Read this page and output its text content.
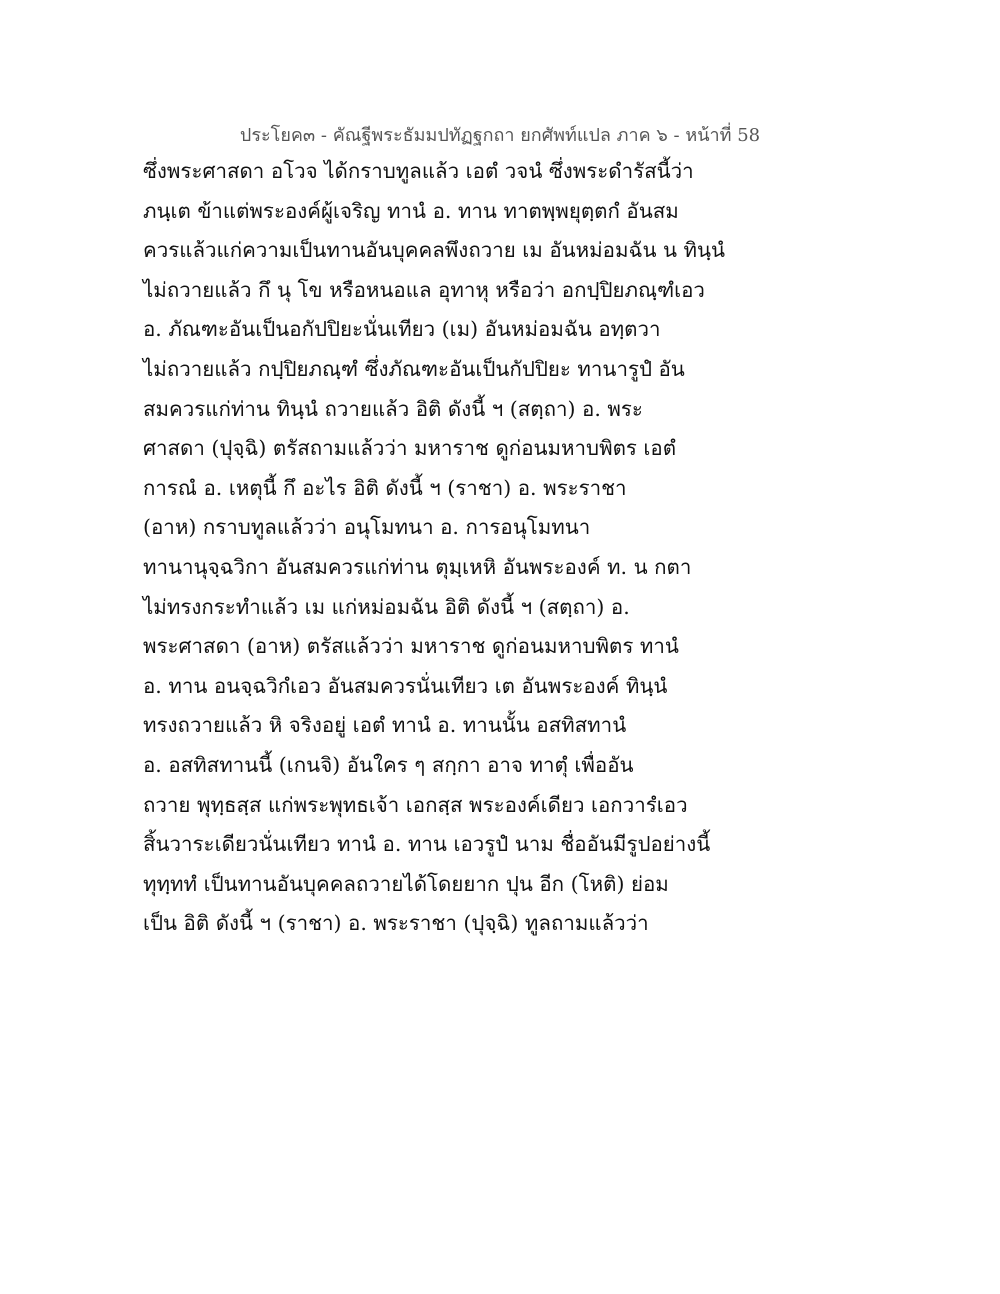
ประโยค๓ - คัณฐีพระธัมมปทัฏฐกถา ยกศัพท์แปล ภาค ๖ - หน้าที่ 58
ซึ่งพระศาสดา อโวจ ได้กราบทูลแล้ว เอตํ วจนํ ซึ่งพระดำรัสนี้ว่า
ภนฺเต ข้าแต่พระองค์ผู้เจริญ ทานํ อ. ทาน ทาตพฺพยุตฺตกํ อันสม
ควรแล้วแก่ความเป็นทานอันบุคคลพึงถวาย เม อันหม่อมฉัน น ทินฺนํ
ไม่ถวายแล้ว กึ นุ โข หรือหนอแล อุทาหุ หรือว่า อกปฺปิยภณฺฑํเอว
อ. ภัณฑะอันเป็นอกัปปิยะนั่นเทียว (เม) อันหม่อมฉัน อทฺตวา
ไม่ถวายแล้ว กปฺปิยภณฺฑํ ซึ่งภัณฑะอันเป็นกัปปิยะ ทานารูปํ อัน
สมควรแก่ท่าน ทินฺนํ ถวายแล้ว อิติ ดังนี้ ฯ (สตฺถา) อ. พระ
ศาสดา (ปุจฺฉิ) ตรัสถามแล้วว่า มหาราช ดูก่อนมหาบพิตร เอตํ
การณํ อ. เหตุนี้ กึ อะไร อิติ ดังนี้ ฯ (ราชา) อ. พระราชา
(อาห) กราบทูลแล้วว่า อนุโมทนา อ. การอนุโมทนา
ทานานุจฺฉวิกา อันสมควรแก่ท่าน ตุมฺเหหิ อันพระองค์ ท. น กตา
ไม่ทรงกระทำแล้ว เม แก่หม่อมฉัน อิติ ดังนี้ ฯ (สตฺถา) อ.
พระศาสดา (อาห) ตรัสแล้วว่า มหาราช ดูก่อนมหาบพิตร ทานํ
อ. ทาน อนจฺฉวิกํเอว อันสมควรนั่นเทียว เต อันพระองค์ ทินฺนํ
ทรงถวายแล้ว หิ จริงอยู่ เอตํ ทานํ อ. ทานนั้น อสทิสทานํ
อ. อสทิสทานนี้ (เกนจิ) อันใคร ๆ สกฺกา อาจ ทาตุํ เพื่ออัน
ถวาย พุทฺธสฺส แก่พระพุทธเจ้า เอกสฺส พระองค์เดียว เอกวารํเอว
สิ้นวาระเดียวนั่นเทียว ทานํ อ. ทาน เอวรูปํ นาม ชื่ออันมีรูปอย่างนี้
ทุทฺททํ เป็นทานอันบุคคลถวายได้โดยยาก ปุน อีก (โหติ) ย่อม
เป็น อิติ ดังนี้ ฯ (ราชา) อ. พระราชา (ปุจฺฉิ) ทูลถามแล้วว่า
